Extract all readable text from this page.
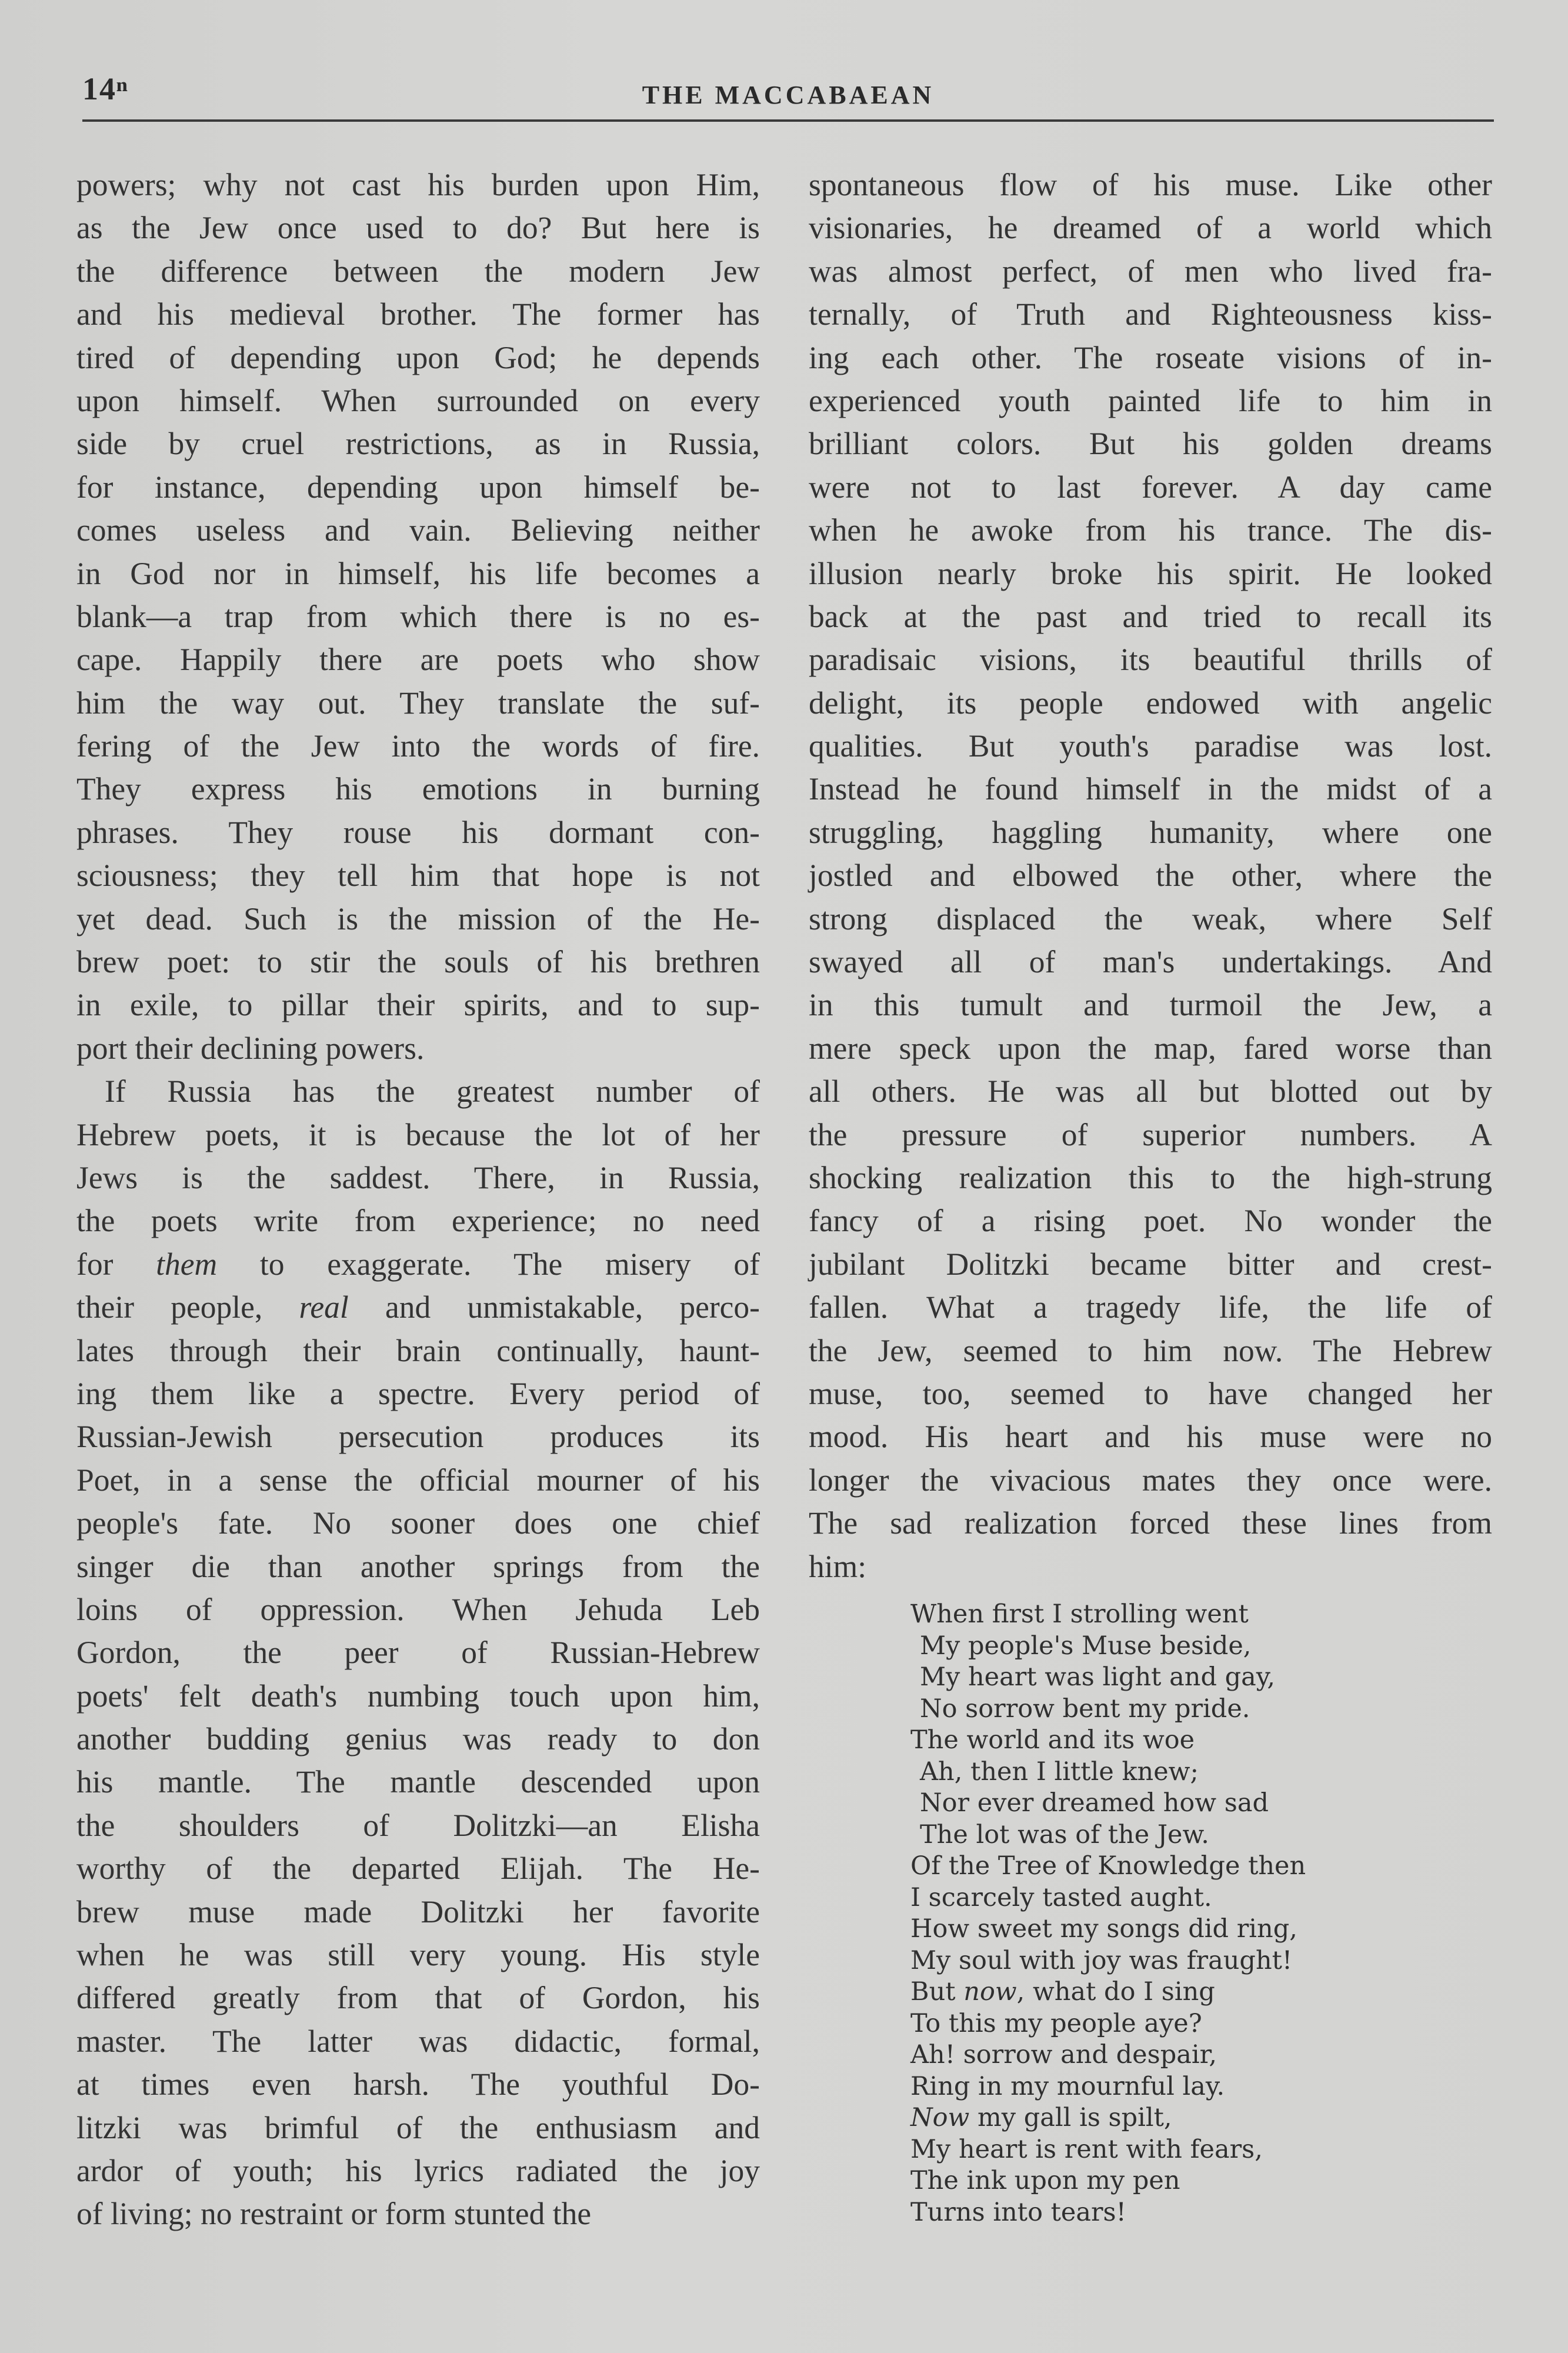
14ⁿ	THE MACCABAEAN
powers; why not cast his burden upon Him,
as the Jew once used to do? But here is
the difference between the modern Jew
and his medieval brother. The former has
tired of depending upon God; he depends
upon himself. When surrounded on every
side by cruel restrictions, as in Russia,
for instance, depending upon himself be-
comes useless and vain. Believing neither
in God nor in himself, his life becomes a
blank—a trap from which there is no es-
cape. Happily there are poets who show
him the way out. They translate the suf-
fering of the Jew into the words of fire.
They express his emotions in burning
phrases. They rouse his dormant con-
sciousness; they tell him that hope is not
yet dead. Such is the mission of the He-
brew poet: to stir the souls of his brethren
in exile, to pillar their spirits, and to sup-
port their declining powers.
If Russia has the greatest number of
Hebrew poets, it is because the lot of her
Jews is the saddest. There, in Russia,
the poets write from experience; no need
for them to exaggerate. The misery of
their people, real and unmistakable, perco-
lates through their brain continually, haunt-
ing them like a spectre. Every period of
Russian-Jewish persecution produces its
Poet, in a sense the official mourner of his
people's fate. No sooner does one chief
singer die than another springs from the
loins of oppression. When Jehuda Leb
Gordon, the peer of Russian-Hebrew
poets' felt death's numbing touch upon him,
another budding genius was ready to don
his mantle. The mantle descended upon
the shoulders of Dolitzki—an Elisha
worthy of the departed Elijah. The He-
brew muse made Dolitzki her favorite
when he was still very young. His style
differed greatly from that of Gordon, his
master. The latter was didactic, formal,
at times even harsh. The youthful Do-
litzki was brimful of the enthusiasm and
ardor of youth; his lyrics radiated the joy
of living; no restraint or form stunted the
spontaneous flow of his muse. Like other
visionaries, he dreamed of a world which
was almost perfect, of men who lived fra-
ternally, of Truth and Righteousness kiss-
ing each other. The roseate visions of in-
experienced youth painted life to him in
brilliant colors. But his golden dreams
were not to last forever. A day came
when he awoke from his trance. The dis-
illusion nearly broke his spirit. He looked
back at the past and tried to recall its
paradisaic visions, its beautiful thrills of
delight, its people endowed with angelic
qualities. But youth's paradise was lost.
Instead he found himself in the midst of a
struggling, haggling humanity, where one
jostled and elbowed the other, where the
strong displaced the weak, where Self
swayed all of man's undertakings. And
in this tumult and turmoil the Jew, a
mere speck upon the map, fared worse than
all others. He was all but blotted out by
the pressure of superior numbers. A
shocking realization this to the high-strung
fancy of a rising poet. No wonder the
jubilant Dolitzki became bitter and crest-
fallen. What a tragedy life, the life of
the Jew, seemed to him now. The Hebrew
muse, too, seemed to have changed her
mood. His heart and his muse were no
longer the vivacious mates they once were.
The sad realization forced these lines from
him:
When first I strolling went
My people's Muse beside,
My heart was light and gay,
No sorrow bent my pride.
The world and its woe
Ah, then I little knew;
Nor ever dreamed how sad
The lot was of the Jew.
Of the Tree of Knowledge then
I scarcely tasted aught.
How sweet my songs did ring,
My soul with joy was fraught!
But now, what do I sing
To this my people aye?
Ah! sorrow and despair,
Ring in my mournful lay.
Now my gall is spilt,
My heart is rent with fears,
The ink upon my pen
Turns into tears!
